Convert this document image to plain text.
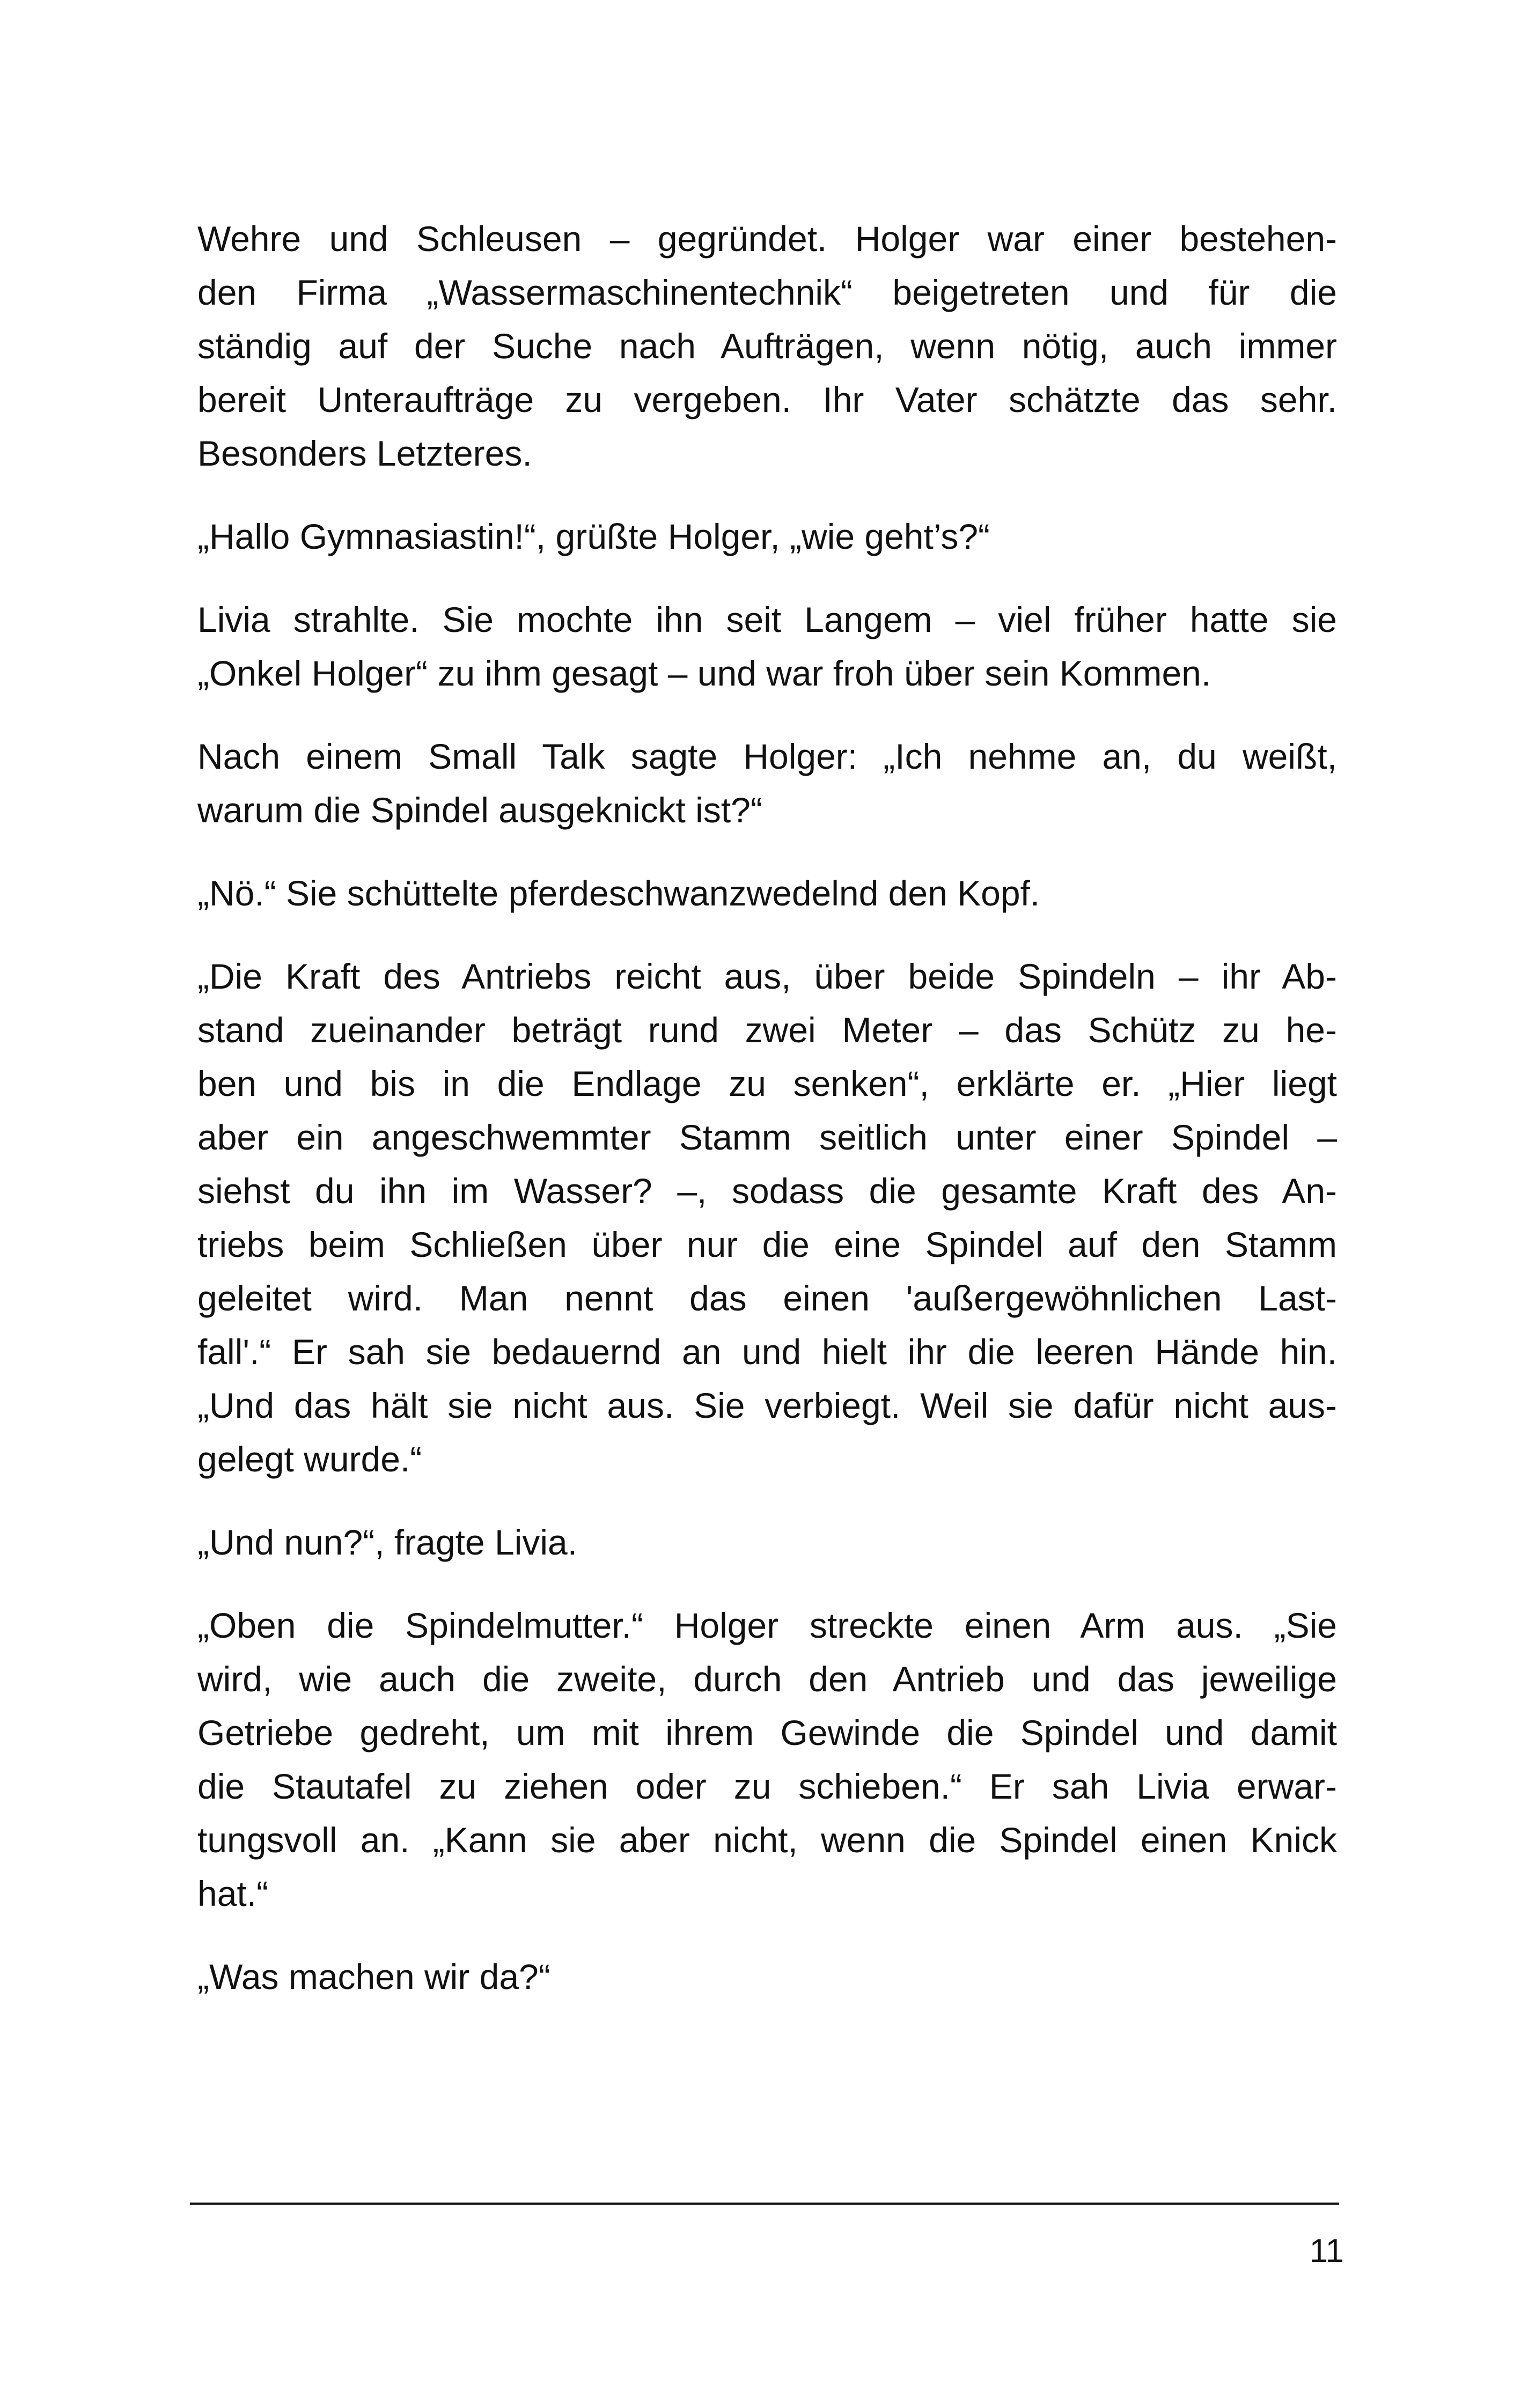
Wehre und Schleusen – gegründet. Holger war einer bestehen-
den Firma „Wassermaschinentechnik“ beigetreten und für die
ständig auf der Suche nach Aufträgen, wenn nötig, auch immer
bereit Unteraufträge zu vergeben. Ihr Vater schätzte das sehr.
Besonders Letzteres.

„Hallo Gymnasiastin!“, grüßte Holger, „wie geht’s?“

Livia strahlte. Sie mochte ihn seit Langem – viel früher hatte sie
„Onkel Holger“ zu ihm gesagt – und war froh über sein Kommen.

Nach einem Small Talk sagte Holger: „Ich nehme an, du weißt,
warum die Spindel ausgeknickt ist?“

„Nö.“ Sie schüttelte pferdeschwanzwedelnd den Kopf.

„Die Kraft des Antriebs reicht aus, über beide Spindeln – ihr Ab-
stand zueinander beträgt rund zwei Meter – das Schütz zu he-
ben und bis in die Endlage zu senken“, erklärte er. „Hier liegt
aber ein angeschwemmter Stamm seitlich unter einer Spindel –
siehst du ihn im Wasser? –, sodass die gesamte Kraft des An-
triebs beim Schließen über nur die eine Spindel auf den Stamm
geleitet wird. Man nennt das einen 'außergewöhnlichen Last-
fall'.“ Er sah sie bedauernd an und hielt ihr die leeren Hände hin.
„Und das hält sie nicht aus. Sie verbiegt. Weil sie dafür nicht aus-
gelegt wurde.“

„Und nun?“, fragte Livia.

„Oben die Spindelmutter.“ Holger streckte einen Arm aus. „Sie
wird, wie auch die zweite, durch den Antrieb und das jeweilige
Getriebe gedreht, um mit ihrem Gewinde die Spindel und damit
die Stautafel zu ziehen oder zu schieben.“ Er sah Livia erwar-
tungsvoll an. „Kann sie aber nicht, wenn die Spindel einen Knick
hat.“

„Was machen wir da?“

11
